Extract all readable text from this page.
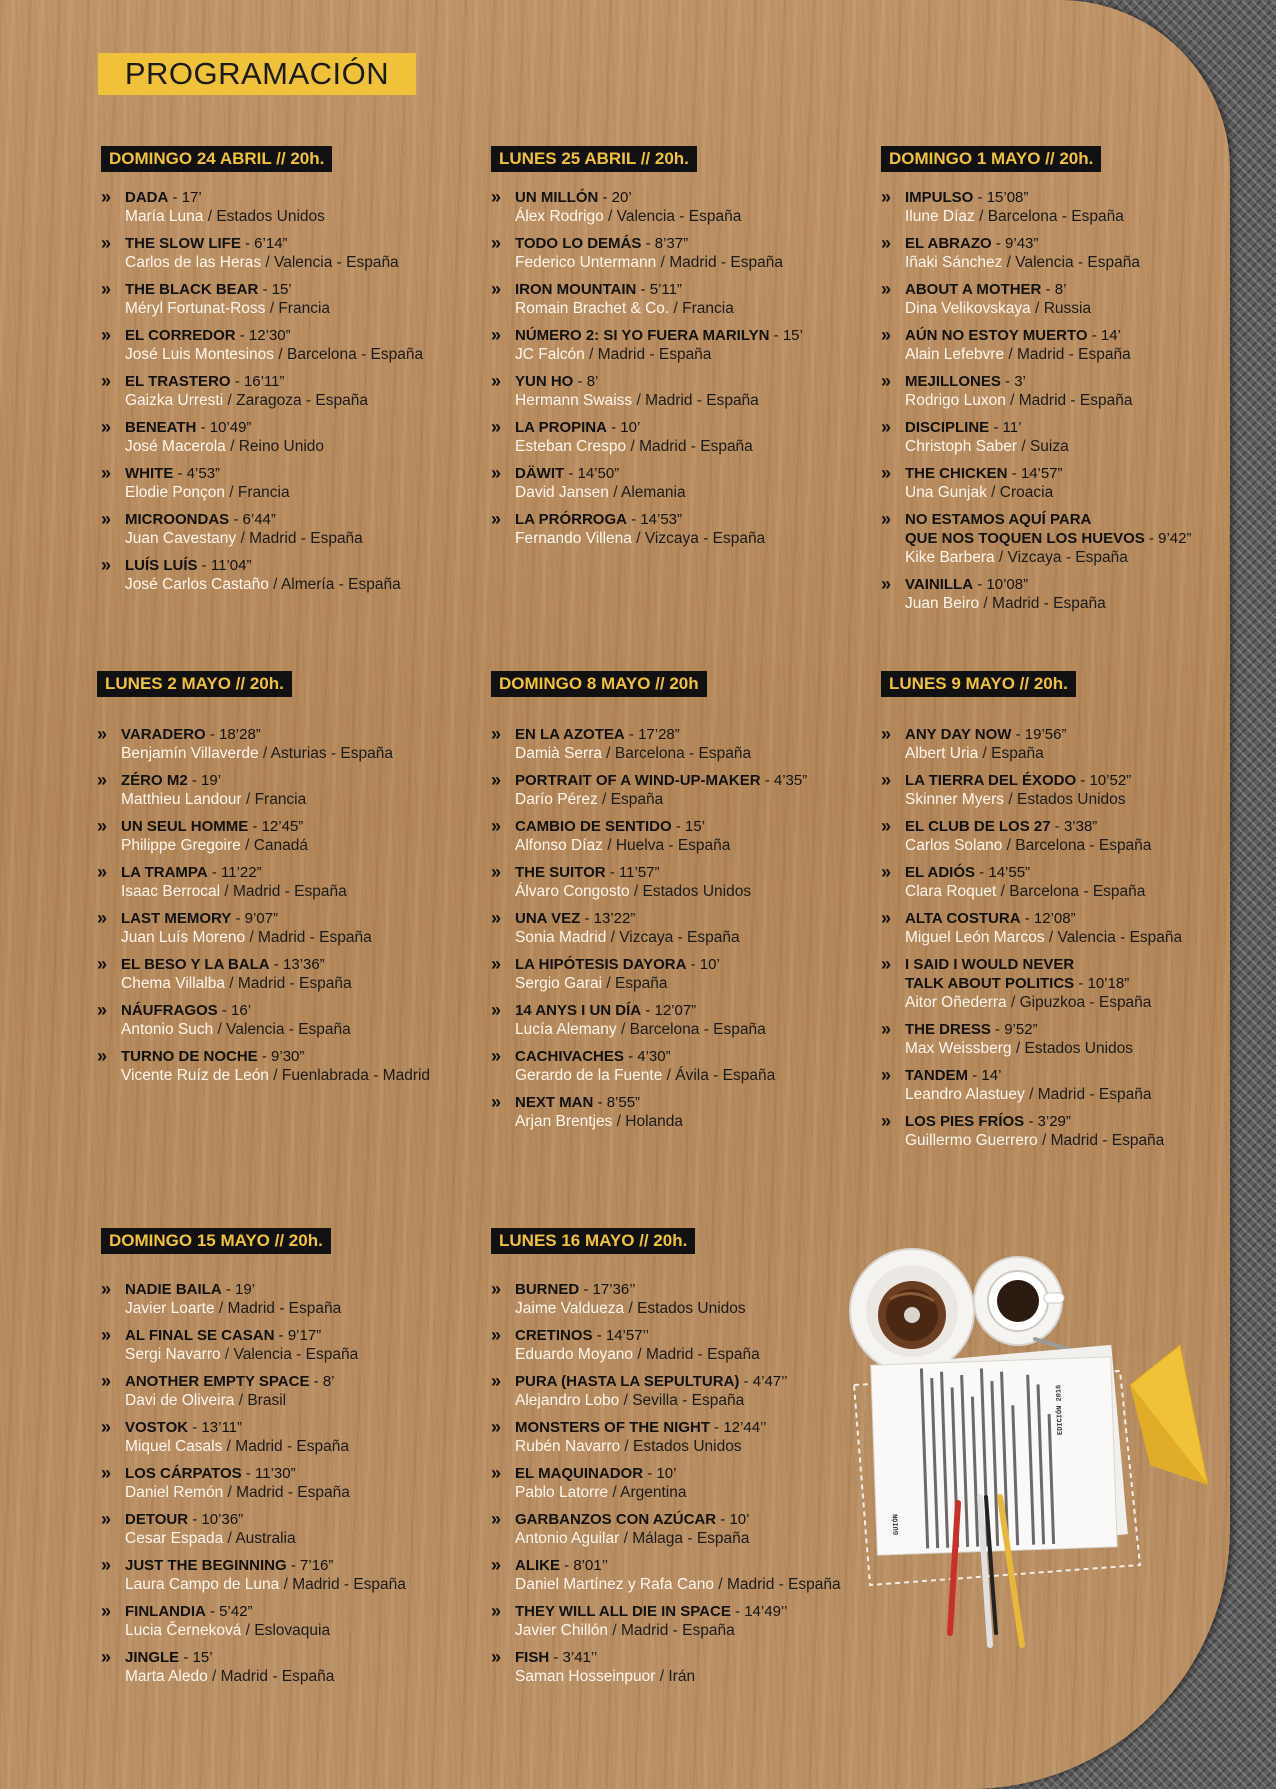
PROGRAMACIÓN
DOMINGO 24 ABRIL // 20h.
» DADA - 17’
María Luna / Estados Unidos
» THE SLOW LIFE - 6’14”
Carlos de las Heras / Valencia - España
» THE BLACK BEAR - 15’
Méryl Fortunat-Ross / Francia
» EL CORREDOR - 12’30”
José Luis Montesinos / Barcelona - España
» EL TRASTERO - 16’11”
Gaizka Urresti / Zaragoza - España
» BENEATH - 10’49”
José Macerola / Reino Unido
» WHITE - 4’53”
Elodie Ponçon / Francia
» MICROONDAS - 6’44”
Juan Cavestany / Madrid - España
» LUÍS LUÍS - 11’04”
José Carlos Castaño / Almería - España
LUNES 25 ABRIL // 20h.
» UN MILLÓN - 20’
Álex Rodrigo / Valencia - España
» TODO LO DEMÁS - 8’37”
Federico Untermann / Madrid - España
» IRON MOUNTAIN - 5’11”
Romain Brachet & Co. / Francia
» NÚMERO 2: SI YO FUERA MARILYN - 15’
JC Falcón / Madrid - España
» YUN HO - 8’
Hermann Swaiss / Madrid - España
» LA PROPINA - 10’
Esteban Crespo / Madrid - España
» DÄWIT - 14’50”
David Jansen / Alemania
» LA PRÓRROGA - 14’53”
Fernando Villena / Vizcaya - España
DOMINGO 1 MAYO // 20h.
» IMPULSO - 15’08”
Ilune Díaz / Barcelona - España
» EL ABRAZO - 9’43”
Iñaki Sánchez / Valencia - España
» ABOUT A MOTHER - 8’
Dina Velikovskaya / Russia
» AÚN NO ESTOY MUERTO - 14’
Alain Lefebvre / Madrid - España
» MEJILLONES - 3’
Rodrigo Luxon / Madrid - España
» DISCIPLINE - 11’
Christoph Saber / Suiza
» THE CHICKEN - 14’57”
Una Gunjak / Croacia
» NO ESTAMOS AQUÍ PARA
QUE NOS TOQUEN LOS HUEVOS - 9’42”
Kike Barbera / Vizcaya - España
» VAINILLA - 10’08”
Juan Beiro / Madrid - España
LUNES 2 MAYO // 20h.
» VARADERO - 18’28”
Benjamín Villaverde / Asturias - España
» ZÉRO M2 - 19’
Matthieu Landour / Francia
» UN SEUL HOMME - 12’45”
Philippe Gregoire / Canadá
» LA TRAMPA - 11’22”
Isaac Berrocal / Madrid - España
» LAST MEMORY - 9’07”
Juan Luís Moreno / Madrid - España
» EL BESO Y LA BALA - 13’36”
Chema Villalba / Madrid - España
» NÁUFRAGOS - 16’
Antonio Such / Valencia - España
» TURNO DE NOCHE - 9’30”
Vicente Ruíz de León / Fuenlabrada - Madrid
DOMINGO 8 MAYO // 20h
» EN LA AZOTEA - 17’28”
Damià Serra / Barcelona - España
» PORTRAIT OF A WIND-UP-MAKER - 4’35”
Darío Pérez / España
» CAMBIO DE SENTIDO - 15’
Alfonso Díaz / Huelva - España
» THE SUITOR - 11’57”
Álvaro Congosto / Estados Unidos
» UNA VEZ - 13’22”
Sonia Madrid / Vizcaya - España
» LA HIPÓTESIS DAYORA - 10’
Sergio Garai / España
» 14 ANYS I UN DÍA - 12’07”
Lucía Alemany / Barcelona - España
» CACHIVACHES - 4’30”
Gerardo de la Fuente / Ávila - España
» NEXT MAN - 8’55”
Arjan Brentjes / Holanda
LUNES 9 MAYO // 20h.
» ANY DAY NOW - 19’56”
Albert Uria / España
» LA TIERRA DEL ÉXODO - 10’52”
Skinner Myers / Estados Unidos
» EL CLUB DE LOS 27 - 3’38”
Carlos Solano / Barcelona - España
» EL ADIÓS - 14’55”
Clara Roquet / Barcelona - España
» ALTA COSTURA - 12’08”
Miguel León Marcos / Valencia - España
» I SAID I WOULD NEVER
TALK ABOUT POLITICS - 10’18”
Aitor Oñederra / Gipuzkoa - España
» THE DRESS - 9’52”
Max Weissberg / Estados Unidos
» TANDEM - 14’
Leandro Alastuey / Madrid - España
» LOS PIES FRÍOS - 3’29”
Guillermo Guerrero / Madrid - España
DOMINGO 15 MAYO // 20h.
» NADIE BAILA - 19’
Javier Loarte / Madrid - España
» AL FINAL SE CASAN - 9’17”
Sergi Navarro / Valencia - España
» ANOTHER EMPTY SPACE - 8’
Davi de Oliveira / Brasil
» VOSTOK - 13’11”
Miquel Casals / Madrid - España
» LOS CÁRPATOS - 11’30”
Daniel Remón / Madrid - España
» DETOUR - 10’36”
Cesar Espada / Australia
» JUST THE BEGINNING - 7’16”
Laura Campo de Luna / Madrid - España
» FINLANDIA - 5’42”
Lucia Černeková / Eslovaquia
» JINGLE - 15’
Marta Aledo / Madrid - España
LUNES 16 MAYO // 20h.
» BURNED - 17’36’’
Jaime Valdueza / Estados Unidos
» CRETINOS - 14’57’’
Eduardo Moyano / Madrid - España
» PURA (HASTA LA SEPULTURA) - 4’47’’
Alejandro Lobo / Sevilla - España
» MONSTERS OF THE NIGHT - 12’44’’
Rubén Navarro / Estados Unidos
» EL MAQUINADOR - 10’
Pablo Latorre / Argentina
» GARBANZOS CON AZÚCAR - 10’
Antonio Aguilar / Málaga - España
» ALIKE - 8’01’’
Daniel Martínez y Rafa Cano / Madrid - España
» THEY WILL ALL DIE IN SPACE - 14’49’’
Javier Chillón / Madrid - España
» FISH - 3’41’’
Saman Hosseinpuor / Irán
GUIÓN
EDICIÓN 2016
